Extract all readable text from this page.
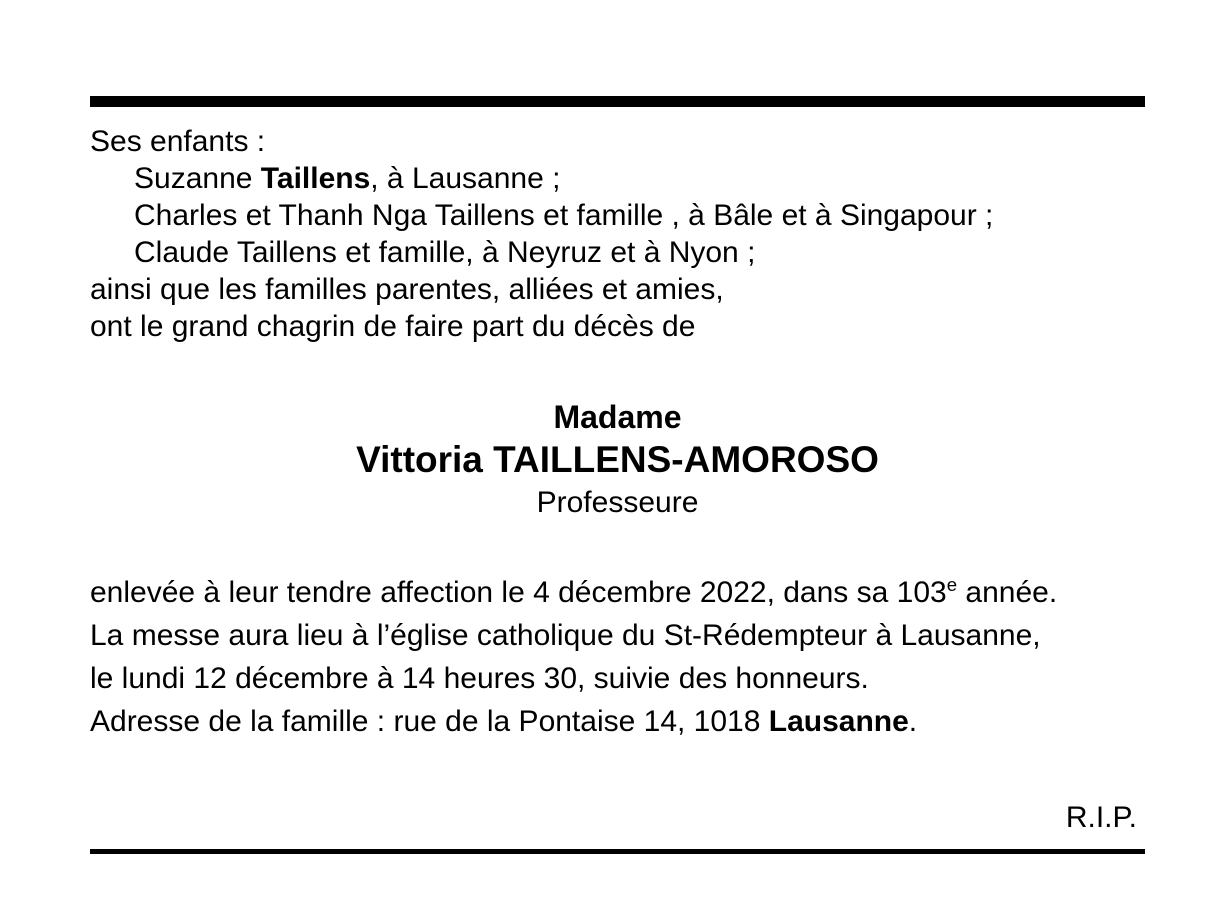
Ses enfants :
Suzanne Taillens, à Lausanne ;
Charles et Thanh Nga Taillens et famille , à Bâle et à Singapour ;
Claude Taillens et famille, à Neyruz et à Nyon ;
ainsi que les familles parentes, alliées et amies,
ont le grand chagrin de faire part du décès de
Madame
Vittoria TAILLENS-AMOROSO
Professeure
enlevée à leur tendre affection le 4 décembre 2022, dans sa 103e année.
La messe aura lieu à l’église catholique du St-Rédempteur à Lausanne,
le lundi 12 décembre à 14 heures 30, suivie des honneurs.
Adresse de la famille : rue de la Pontaise 14, 1018 Lausanne.
R.I.P.
